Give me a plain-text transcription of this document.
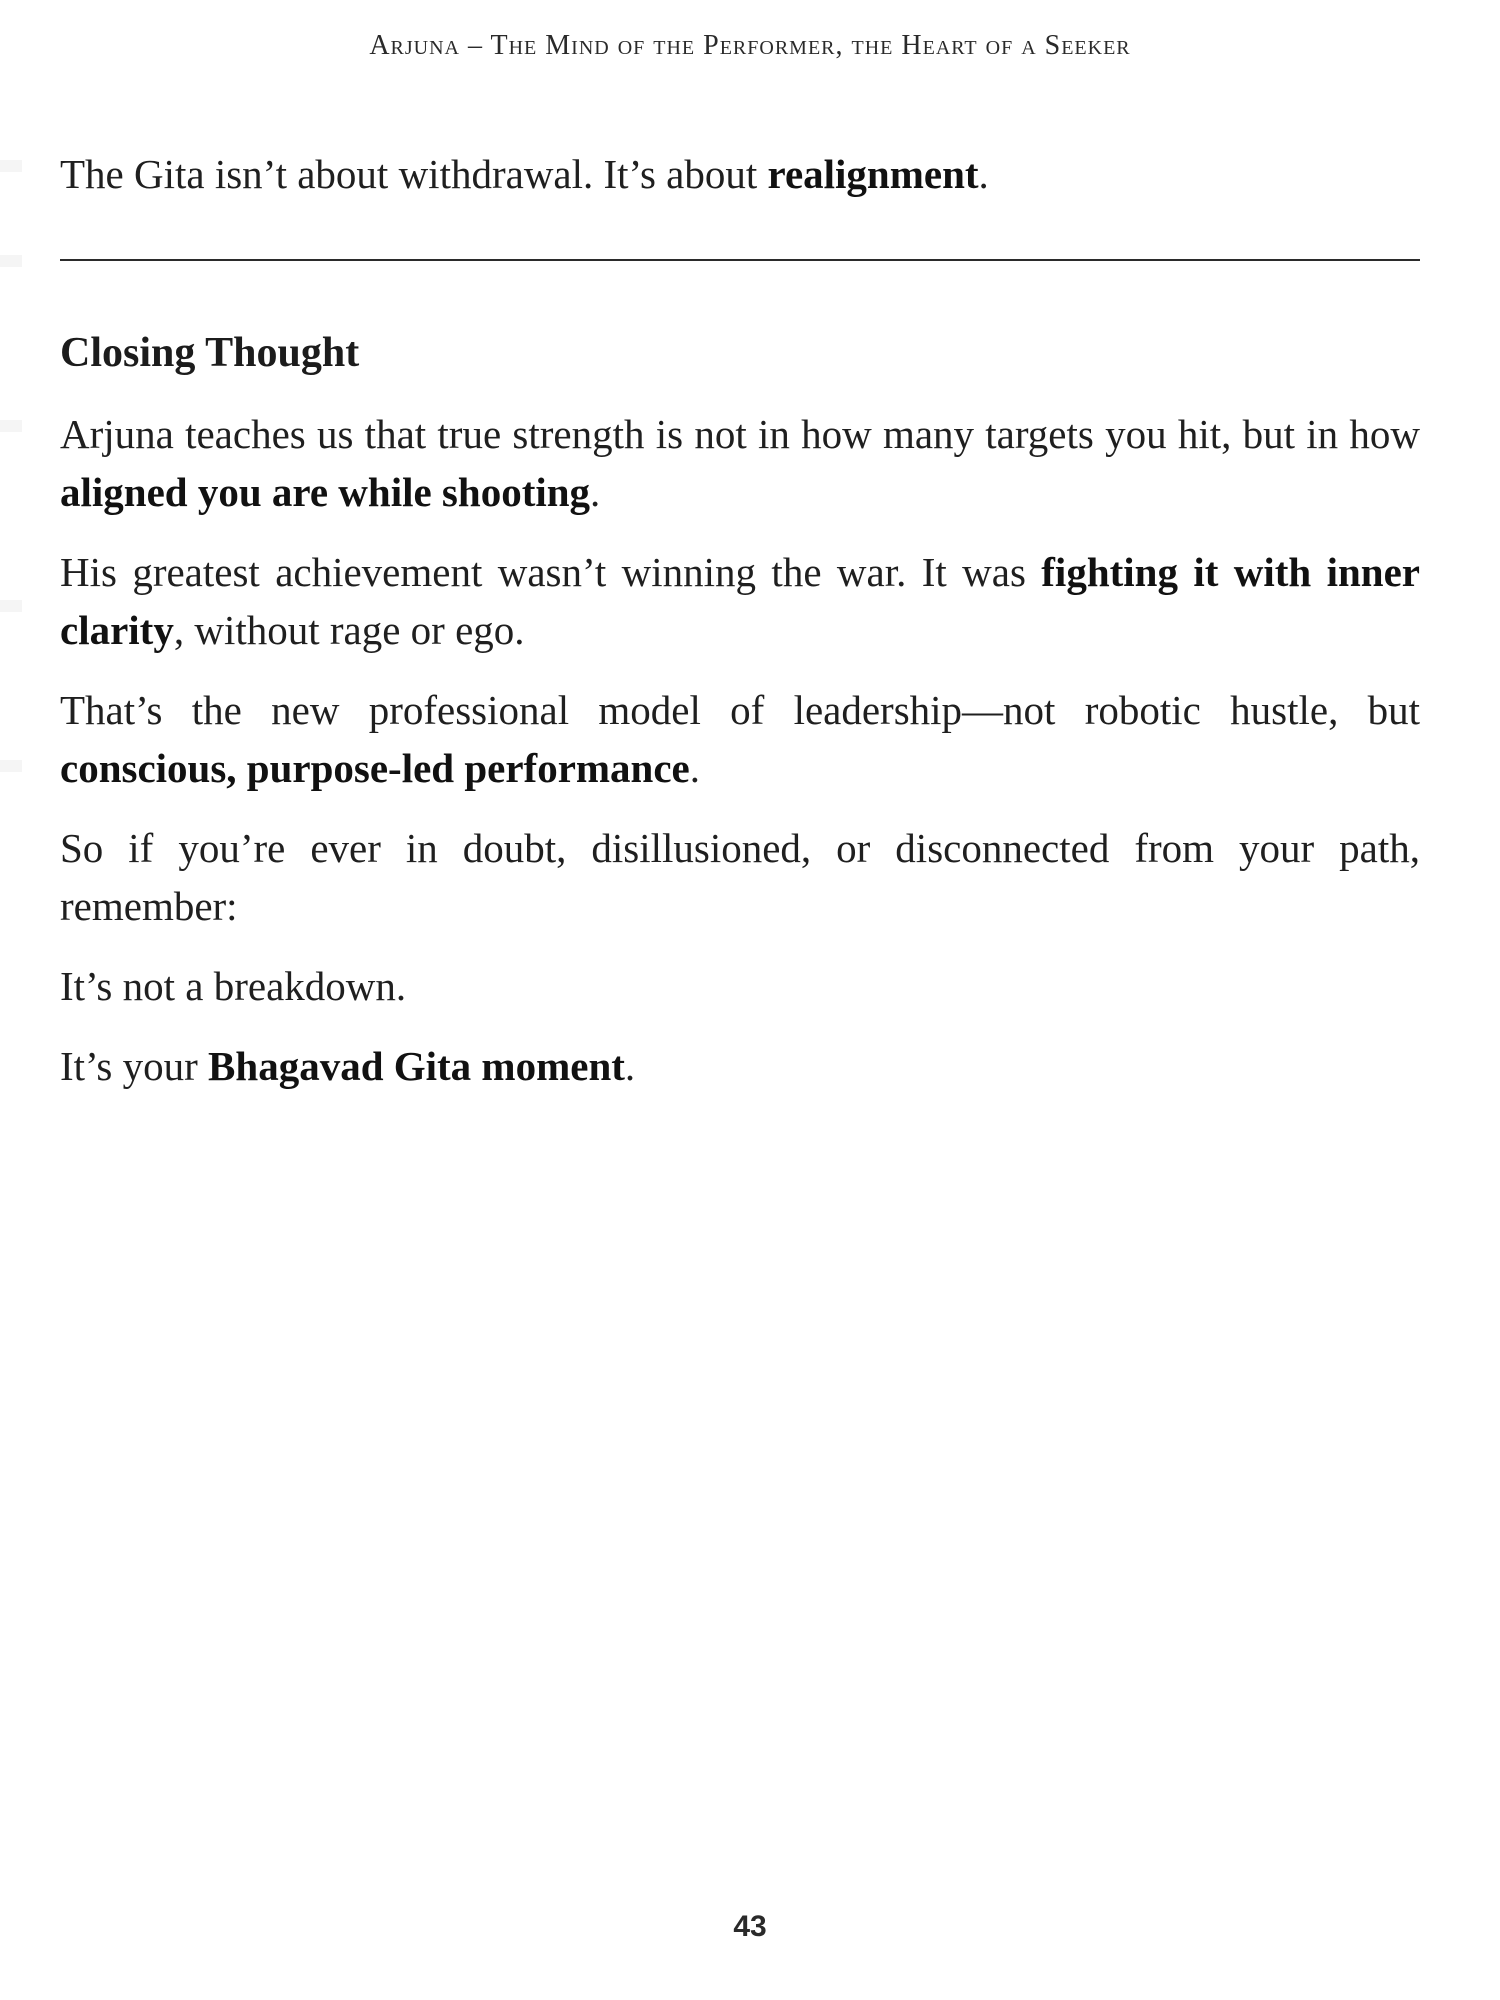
Arjuna – The Mind of the Performer, the Heart of a Seeker

The Gita isn’t about withdrawal. It’s about realignment.

Closing Thought

Arjuna teaches us that true strength is not in how many targets you hit, but in how aligned you are while shooting.

His greatest achievement wasn’t winning the war. It was fighting it with inner clarity, without rage or ego.

That’s the new professional model of leadership—not robotic hustle, but conscious, purpose-led performance.

So if you’re ever in doubt, disillusioned, or disconnected from your path, remember:

It’s not a breakdown.

It’s your Bhagavad Gita moment.

43
